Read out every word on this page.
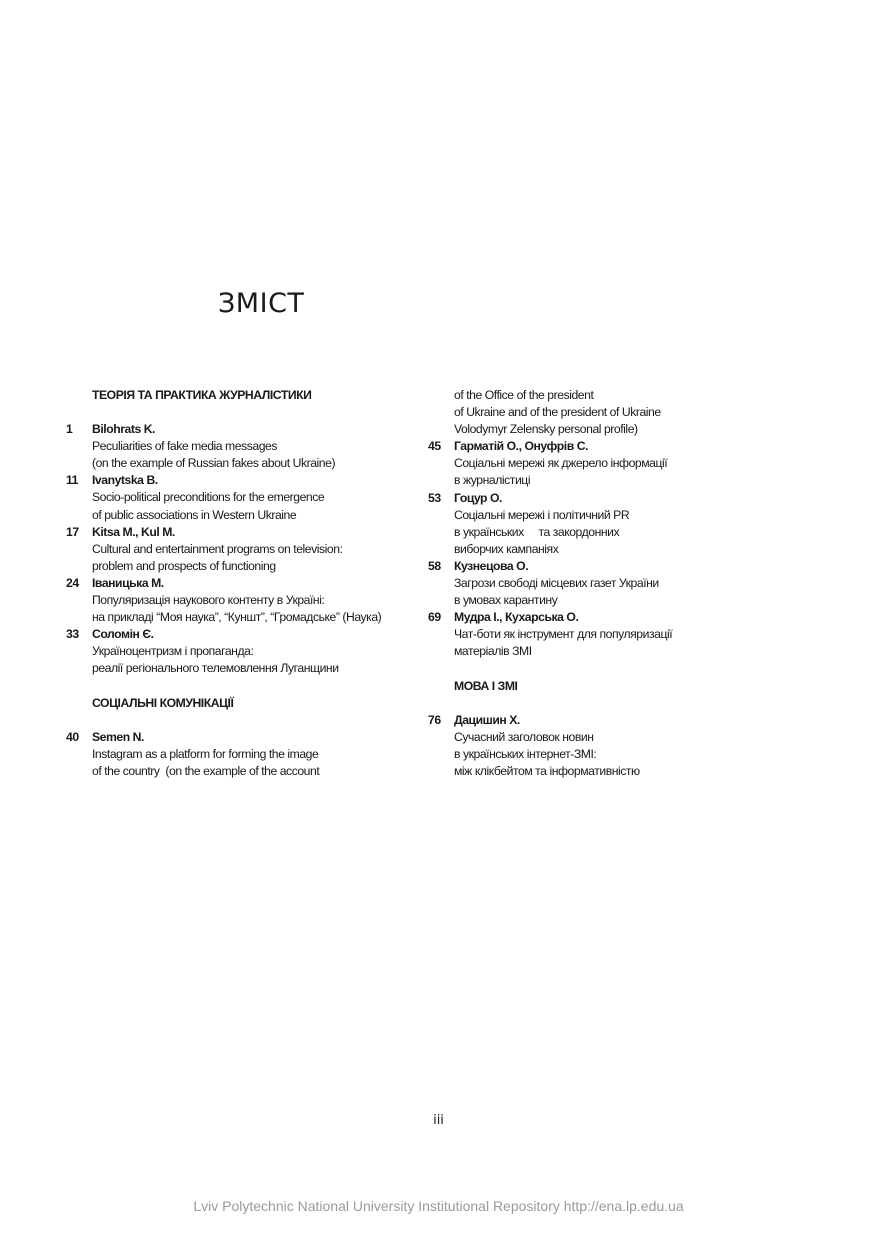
ЗМІСТ
ТЕОРІЯ ТА ПРАКТИКА ЖУРНАЛІСТИКИ
1	Bilohrats K.
Peculiarities of fake media messages
(on the example of Russian fakes about Ukraine)
11	Ivanytska B.
Socio-political preconditions for the emergence
of public associations in Western Ukraine
17	Kitsa M., Kul M.
Cultural and entertainment programs on television:
problem and prospects of functioning
24	Іваницька М.
Популяризація наукового контенту в Україні:
на прикладі “Моя наука”, “Куншт”, “Громадське” (Наука)
33	Соломін Є.
Україноцентризм і пропаганда:
реалії регіонального телемовлення Луганщини
СОЦІАЛЬНІ КОМУНІКАЦІЇ
40	Semen N.
Instagram as a platform for forming the image
of the country  (on the example of the account
of the Office of the president
of Ukraine and of the president of Ukraine
Volodymyr Zelensky personal profile)
45	Гарматій О., Онуфрів С.
Соціальні мережі як джерело інформації
в журналістиці
53	Гоцур О.
Соціальні мережі і політичний PR
в українських     та закордонних
виборчих кампаніях
58	Кузнецова О.
Загрози свободі місцевих газет України
в умовах карантину
69	Мудра І., Кухарська О.
Чат-боти як інструмент для популяризації
матеріалів ЗМІ
МОВА І ЗМІ
76	Дацишин Х.
Сучасний заголовок новин
в українських інтернет-ЗМІ:
між клікбейтом та інформативністю
iii
Lviv Polytechnic National University Institutional Repository http://ena.lp.edu.ua
